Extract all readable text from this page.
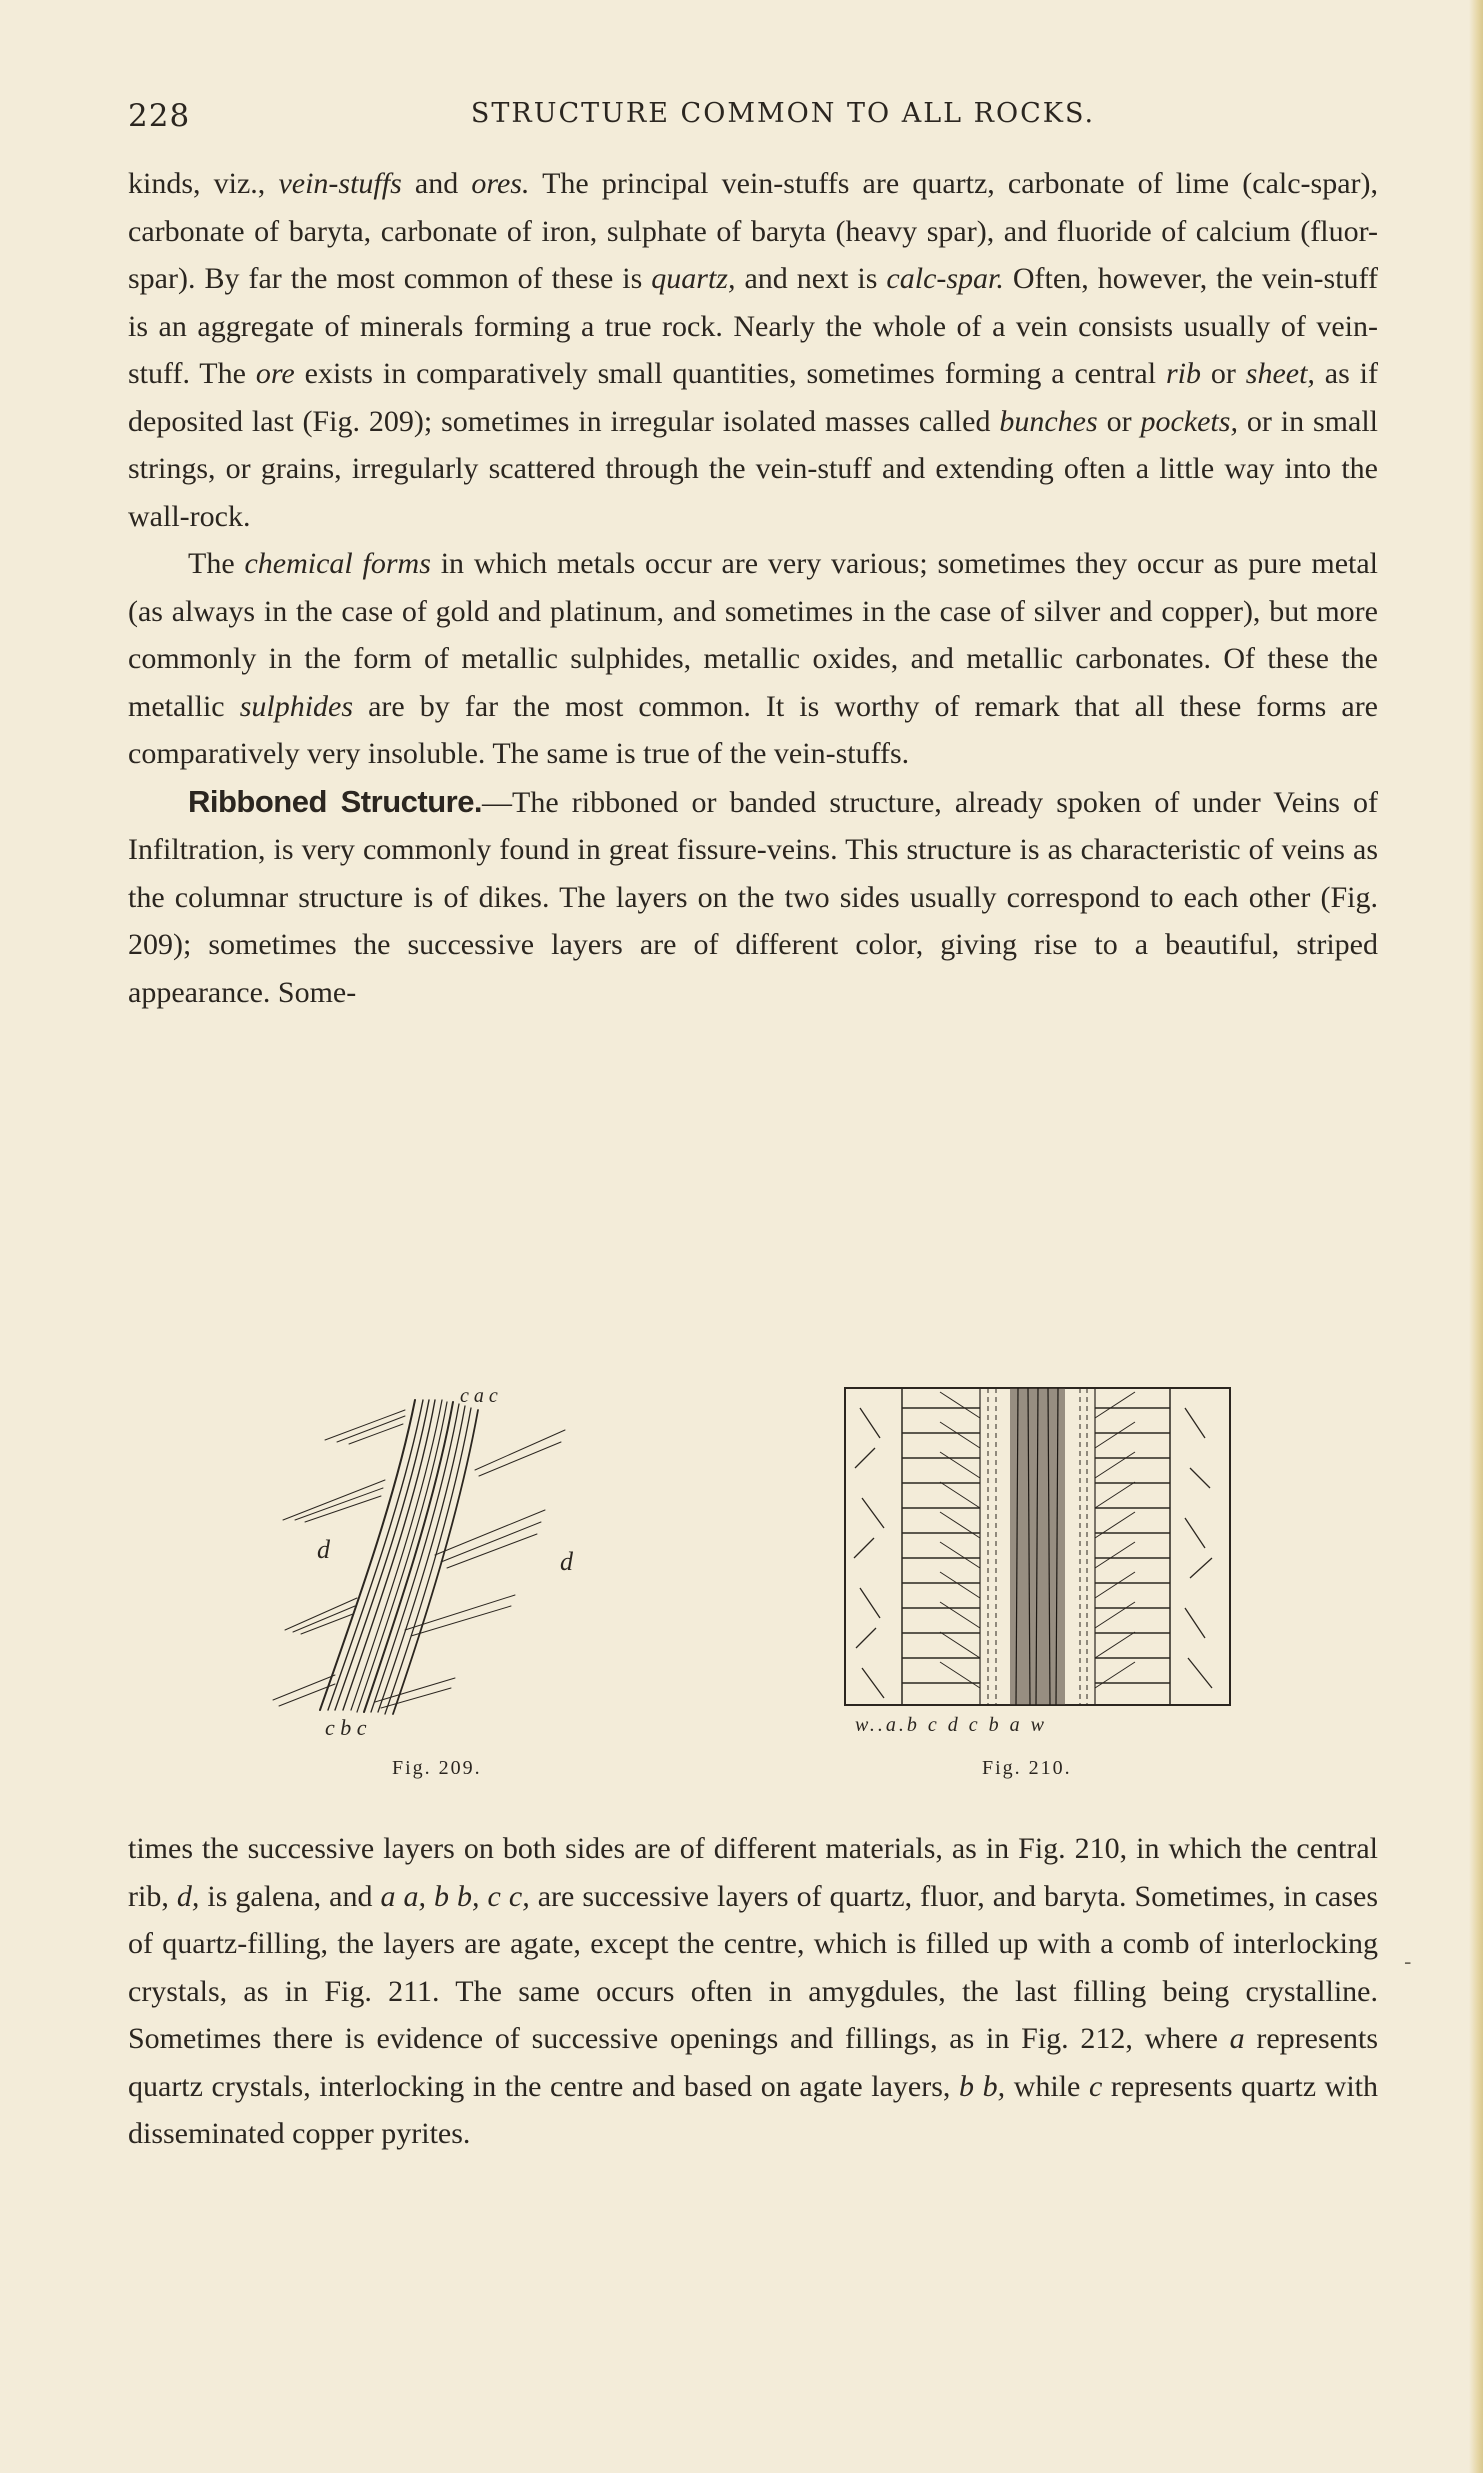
228	STRUCTURE COMMON TO ALL ROCKS.

kinds, viz., vein-stuffs and ores. The principal vein-stuffs are quartz, carbonate of lime (calc-spar), carbonate of baryta, carbonate of iron, sulphate of baryta (heavy spar), and fluoride of calcium (fluor-spar). By far the most common of these is quartz, and next is calc-spar. Often, however, the vein-stuff is an aggregate of minerals forming a true rock. Nearly the whole of a vein consists usually of vein-stuff. The ore exists in comparatively small quantities, sometimes forming a central rib or sheet, as if deposited last (Fig. 209); sometimes in irregular isolated masses called bunches or pockets, or in small strings, or grains, irregularly scattered through the vein-stuff and extending often a little way into the wall-rock.

The chemical forms in which metals occur are very various; sometimes they occur as pure metal (as always in the case of gold and platinum, and sometimes in the case of silver and copper), but more commonly in the form of metallic sulphides, metallic oxides, and metallic carbonates. Of these the metallic sulphides are by far the most common. It is worthy of remark that all these forms are comparatively very insoluble. The same is true of the vein-stuffs.

Ribboned Structure.—The ribboned or banded structure, already spoken of under Veins of Infiltration, is very commonly found in great fissure-veins. This structure is as characteristic of veins as the columnar structure is of dikes. The layers on the two sides usually correspond to each other (Fig. 209); sometimes the successive layers are of different color, giving rise to a beautiful, striped appearance. Some-

c a c
d	d
c b c	w..a.b c d c b a w
Fig. 209.	Fig. 210.

times the successive layers on both sides are of different materials, as in Fig. 210, in which the central rib, d, is galena, and a a, b b, c c, are successive layers of quartz, fluor, and baryta. Sometimes, in cases of quartz-filling, the layers are agate, except the centre, which is filled up with a comb of interlocking crystals, as in Fig. 211. The same occurs often in amygdules, the last filling being crystalline. Sometimes there is evidence of successive openings and fillings, as in Fig. 212, where a represents quartz crystals, interlocking in the centre and based on agate layers, b b, while c represents quartz with disseminated copper pyrites.

-
